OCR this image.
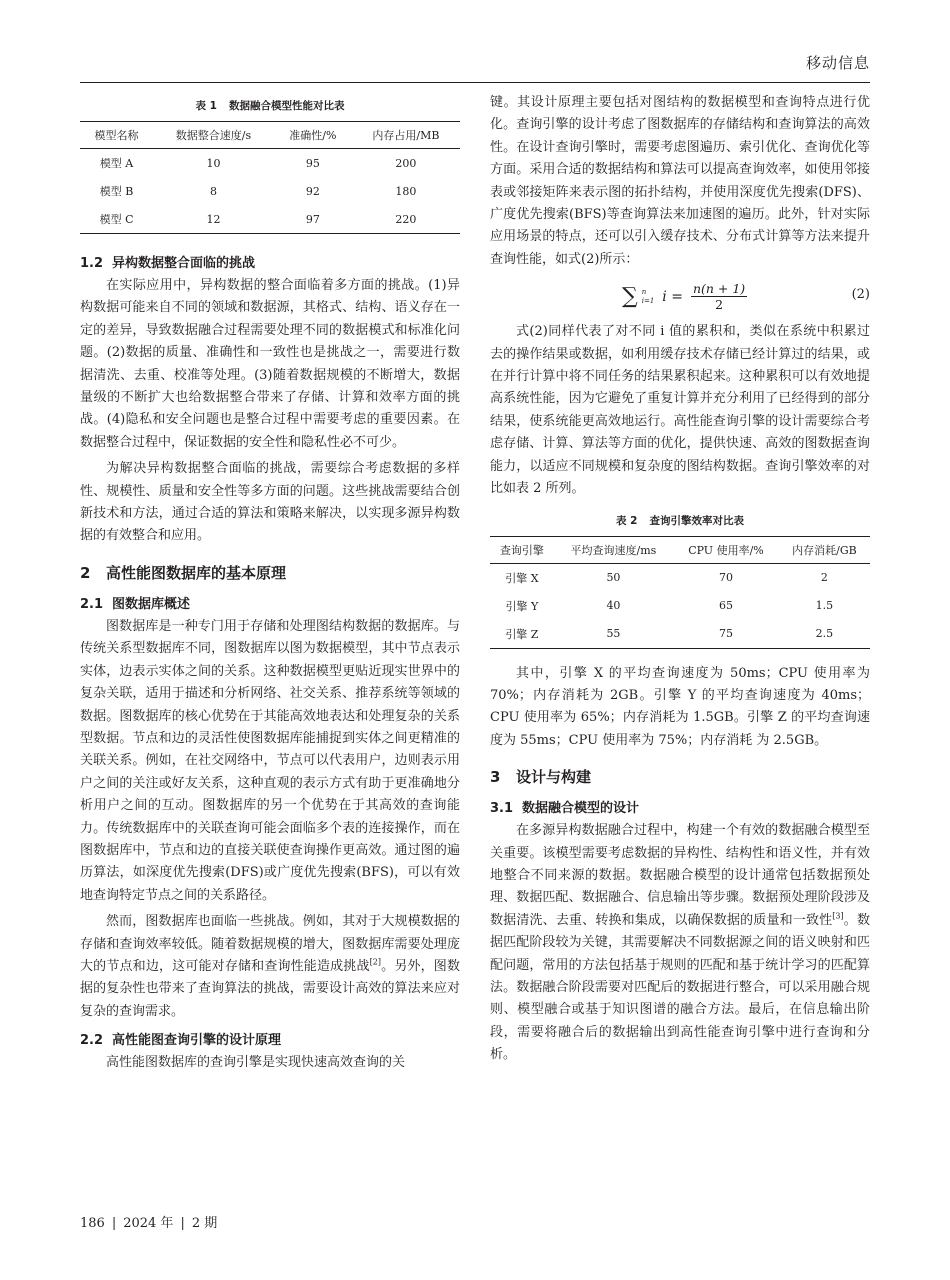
移动信息
表 1 数据融合模型性能对比表
模型名称	数据整合速度/s	准确性/%	内存占用/MB
模型 A	10	95	200
模型 B	8	92	180
模型 C	12	97	220
1.2 异构数据整合面临的挑战

在实际应用中，异构数据的整合面临着多方面的挑战。(1)异构数据可能来自不同的领域和数据源，其格式、结构、语义存在一定的差异，导致数据融合过程需要处理不同的数据模式和标准化问题。(2)数据的质量、准确性和一致性也是挑战之一，需要进行数据清洗、去重、校准等处理。(3)随着数据规模的不断增大，数据量级的不断扩大也给数据整合带来了存储、计算和效率方面的挑战。(4)隐私和安全问题也是整合过程中需要考虑的重要因素。在数据整合过程中，保证数据的安全性和隐私性必不可少。

为解决异构数据整合面临的挑战，需要综合考虑数据的多样性、规模性、质量和安全性等多方面的问题。这些挑战需要结合创新技术和方法，通过合适的算法和策略来解决，以实现多源异构数据的有效整合和应用。

2 高性能图数据库的基本原理
2.1 图数据库概述

图数据库是一种专门用于存储和处理图结构数据的数据库。与传统关系型数据库不同，图数据库以图为数据模型，其中节点表示实体，边表示实体之间的关系。这种数据模型更贴近现实世界中的复杂关联，适用于描述和分析网络、社交关系、推荐系统等领域的数据。图数据库的核心优势在于其能高效地表达和处理复杂的关系型数据。节点和边的灵活性使图数据库能捕捉到实体之间更精准的关联关系。例如，在社交网络中，节点可以代表用户，边则表示用户之间的关注或好友关系，这种直观的表示方式有助于更准确地分析用户之间的互动。图数据库的另一个优势在于其高效的查询能力。传统数据库中的关联查询可能会面临多个表的连接操作，而在图数据库中，节点和边的直接关联使查询操作更高效。通过图的遍历算法，如深度优先搜索(DFS)或广度优先搜索(BFS)，可以有效地查询特定节点之间的关系路径。

然而，图数据库也面临一些挑战。例如，其对于大规模数据的存储和查询效率较低。随着数据规模的增大，图数据库需要处理庞大的节点和边，这可能对存储和查询性能造成挑战[2]。另外，图数据的复杂性也带来了查询算法的挑战，需要设计高效的算法来应对复杂的查询需求。

2.2 高性能图查询引擎的设计原理

高性能图数据库的查询引擎是实现快速高效查询的关

键。其设计原理主要包括对图结构的数据模型和查询特点进行优化。查询引擎的设计考虑了图数据库的存储结构和查询算法的高效性。在设计查询引擎时，需要考虑图遍历、索引优化、查询优化等方面。采用合适的数据结构和算法可以提高查询效率，如使用邻接表或邻接矩阵来表示图的拓扑结构，并使用深度优先搜索(DFS)、广度优先搜索(BFS)等查询算法来加速图的遍历。此外，针对实际应用场景的特点，还可以引入缓存技术、分布式计算等方法来提升查询性能，如式(2)所示：

∑ n
i=1 $i = \frac{n(n + 1)}{2}$	(2)

式(2)同样代表了对不同 i 值的累积和，类似在系统中积累过去的操作结果或数据，如利用缓存技术存储已经计算过的结果，或在并行计算中将不同任务的结果累积起来。这种累积可以有效地提高系统性能，因为它避免了重复计算并充分利用了已经得到的部分结果，使系统能更高效地运行。高性能查询引擎的设计需要综合考虑存储、计算、算法等方面的优化，提供快速、高效的图数据查询能力，以适应不同规模和复杂度的图结构数据。查询引擎效率的对比如表 2 所列。

表 2 查询引擎效率对比表
查询引擎	平均查询速度/ms	CPU 使用率/%	内存消耗/GB
引擎 X	50	70	2
引擎 Y	40	65	1.5
引擎 Z	55	75	2.5

其中，引擎 X 的平均查询速度为 50ms；CPU 使用率为 70%；内存消耗为 2GB。引擎 Y 的平均查询速度为 40ms；CPU 使用率为 65%；内存消耗为 1.5GB。引擎 Z 的平均查询速度为 55ms；CPU 使用率为 75%；内存消耗 为 2.5GB。

3 设计与构建
3.1 数据融合模型的设计

在多源异构数据融合过程中，构建一个有效的数据融合模型至关重要。该模型需要考虑数据的异构性、结构性和语义性，并有效地整合不同来源的数据。数据融合模型的设计通常包括数据预处理、数据匹配、数据融合、信息输出等步骤。数据预处理阶段涉及数据清洗、去重、转换和集成，以确保数据的质量和一致性[3]。数据匹配阶段较为关键，其需要解决不同数据源之间的语义映射和匹配问题，常用的方法包括基于规则的匹配和基于统计学习的匹配算法。数据融合阶段需要对匹配后的数据进行整合，可以采用融合规则、模型融合或基于知识图谱的融合方法。最后，在信息输出阶段，需要将融合后的数据输出到高性能查询引擎中进行查询和分析。

186 | 2024 年 | 2 期
